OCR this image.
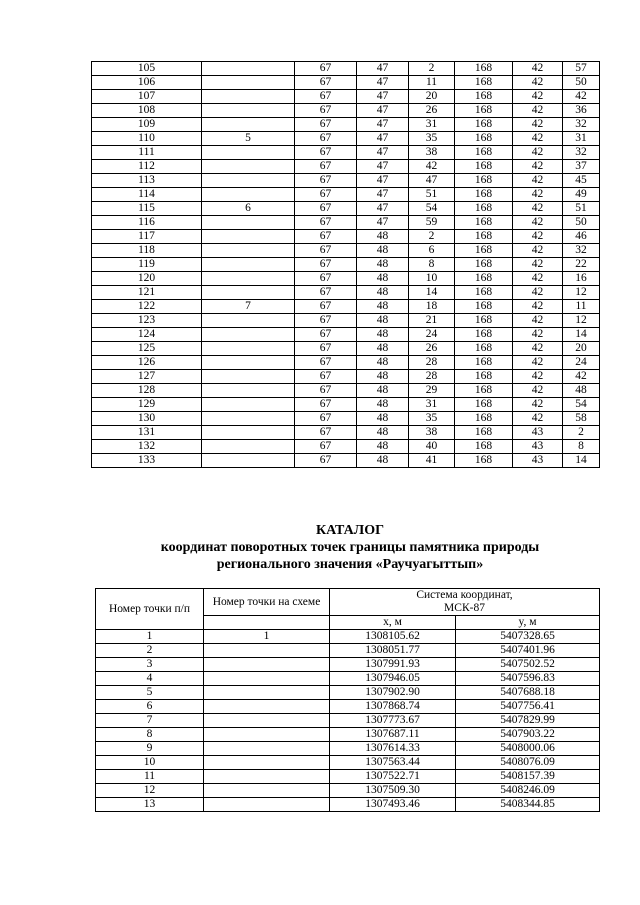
105		67	47	2	168	42	57
106		67	47	11	168	42	50
107		67	47	20	168	42	42
108		67	47	26	168	42	36
109		67	47	31	168	42	32
110	5	67	47	35	168	42	31
111		67	47	38	168	42	32
112		67	47	42	168	42	37
113		67	47	47	168	42	45
114		67	47	51	168	42	49
115	6	67	47	54	168	42	51
116		67	47	59	168	42	50
117		67	48	2	168	42	46
118		67	48	6	168	42	32
119		67	48	8	168	42	22
120		67	48	10	168	42	16
121		67	48	14	168	42	12
122	7	67	48	18	168	42	11
123		67	48	21	168	42	12
124		67	48	24	168	42	14
125		67	48	26	168	42	20
126		67	48	28	168	42	24
127		67	48	28	168	42	42
128		67	48	29	168	42	48
129		67	48	31	168	42	54
130		67	48	35	168	42	58
131		67	48	38	168	43	2
132		67	48	40	168	43	8
133		67	48	41	168	43	14
КАТАЛОГ
координат поворотных точек границы памятника природы
регионального значения «Раучуагыттып»
Номер точки п/п	Номер точки на схеме	Система координат,
МСК-87	
		x, м	y, м
1	1	1308105.62	5407328.65
2		1308051.77	5407401.96
3		1307991.93	5407502.52
4		1307946.05	5407596.83
5		1307902.90	5407688.18
6		1307868.74	5407756.41
7		1307773.67	5407829.99
8		1307687.11	5407903.22
9		1307614.33	5408000.06
10		1307563.44	5408076.09
11		1307522.71	5408157.39
12		1307509.30	5408246.09
13		1307493.46	5408344.85
